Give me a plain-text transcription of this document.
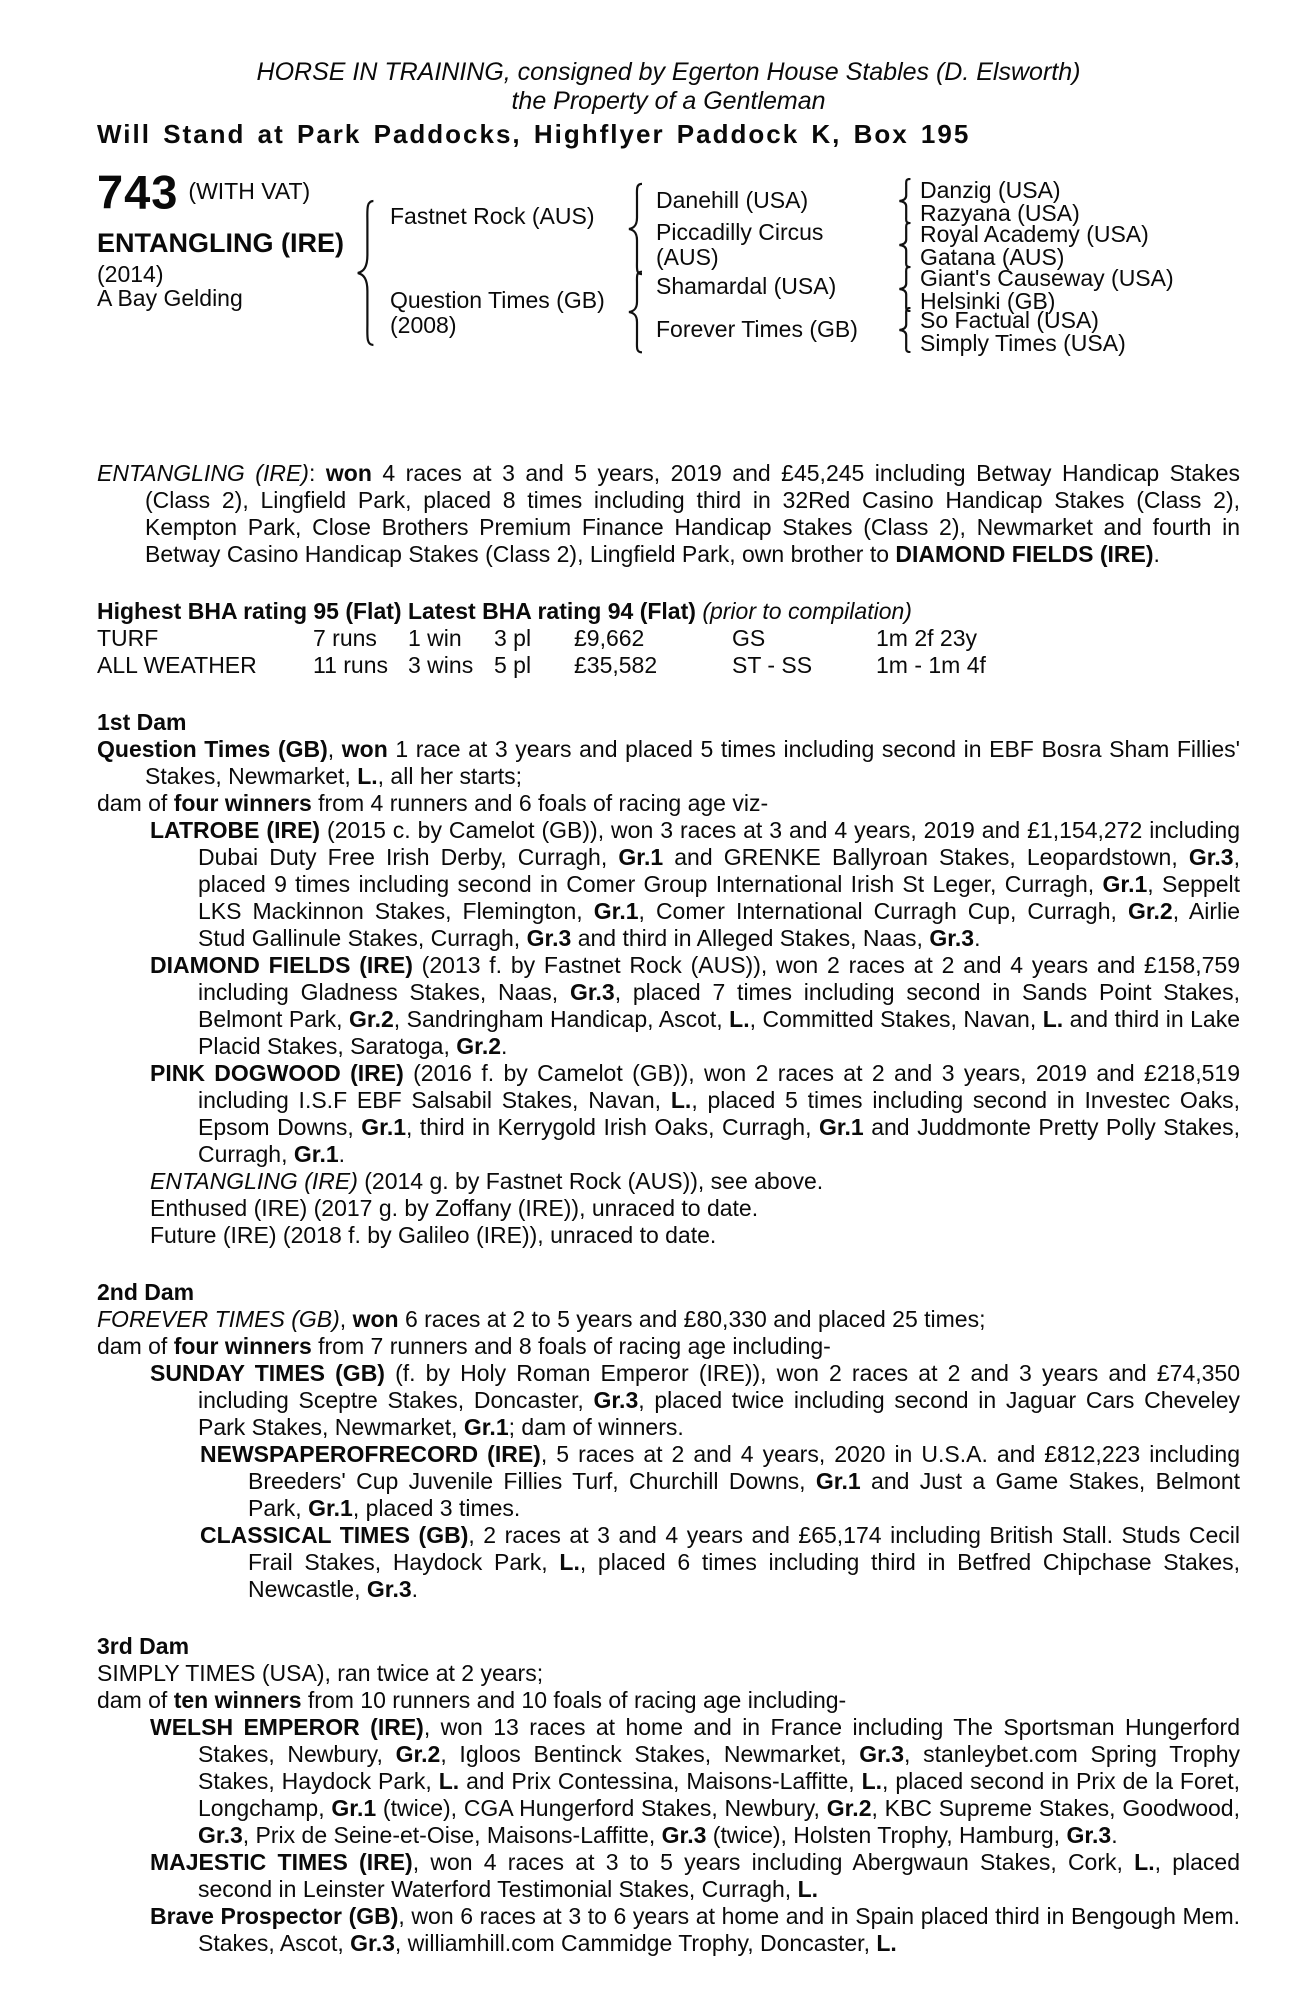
HORSE IN TRAINING, consigned by Egerton House Stables (D. Elsworth)
the Property of a Gentleman
Will Stand at Park Paddocks, Highflyer Paddock K, Box 195
743 (WITH VAT)
ENTANGLING (IRE)
(2014)
A Bay Gelding
Fastnet Rock (AUS)
Question Times (GB)
(2008)
Danehill (USA)
Piccadilly Circus (AUS)
Shamardal (USA)
Forever Times (GB)
Danzig (USA)
Razyana (USA)
Royal Academy (USA)
Gatana (AUS)
Giant's Causeway (USA)
Helsinki (GB)
So Factual (USA)
Simply Times (USA)
ENTANGLING (IRE): won 4 races at 3 and 5 years, 2019 and £45,245 including Betway Handicap Stakes (Class 2), Lingfield Park, placed 8 times including third in 32Red Casino Handicap Stakes (Class 2), Kempton Park, Close Brothers Premium Finance Handicap Stakes (Class 2), Newmarket and fourth in Betway Casino Handicap Stakes (Class 2), Lingfield Park, own brother to DIAMOND FIELDS (IRE).
Highest BHA rating 95 (Flat) Latest BHA rating 94 (Flat) (prior to compilation)
TURF	7 runs	1 win	3 pl	£9,662	GS	1m 2f 23y
ALL WEATHER	11 runs 3 wins 5 pl	£35,582	ST - SS	1m - 1m 4f
1st Dam
Question Times (GB), won 1 race at 3 years and placed 5 times including second in EBF Bosra Sham Fillies' Stakes, Newmarket, L., all her starts;
dam of four winners from 4 runners and 6 foals of racing age viz-
LATROBE (IRE) (2015 c. by Camelot (GB)), won 3 races at 3 and 4 years, 2019 and £1,154,272 including Dubai Duty Free Irish Derby, Curragh, Gr.1 and GRENKE Ballyroan Stakes, Leopardstown, Gr.3, placed 9 times including second in Comer Group International Irish St Leger, Curragh, Gr.1, Seppelt LKS Mackinnon Stakes, Flemington, Gr.1, Comer International Curragh Cup, Curragh, Gr.2, Airlie Stud Gallinule Stakes, Curragh, Gr.3 and third in Alleged Stakes, Naas, Gr.3.
DIAMOND FIELDS (IRE) (2013 f. by Fastnet Rock (AUS)), won 2 races at 2 and 4 years and £158,759 including Gladness Stakes, Naas, Gr.3, placed 7 times including second in Sands Point Stakes, Belmont Park, Gr.2, Sandringham Handicap, Ascot, L., Committed Stakes, Navan, L. and third in Lake Placid Stakes, Saratoga, Gr.2.
PINK DOGWOOD (IRE) (2016 f. by Camelot (GB)), won 2 races at 2 and 3 years, 2019 and £218,519 including I.S.F EBF Salsabil Stakes, Navan, L., placed 5 times including second in Investec Oaks, Epsom Downs, Gr.1, third in Kerrygold Irish Oaks, Curragh, Gr.1 and Juddmonte Pretty Polly Stakes, Curragh, Gr.1.
ENTANGLING (IRE) (2014 g. by Fastnet Rock (AUS)), see above.
Enthused (IRE) (2017 g. by Zoffany (IRE)), unraced to date.
Future (IRE) (2018 f. by Galileo (IRE)), unraced to date.
2nd Dam
FOREVER TIMES (GB), won 6 races at 2 to 5 years and £80,330 and placed 25 times;
dam of four winners from 7 runners and 8 foals of racing age including-
SUNDAY TIMES (GB) (f. by Holy Roman Emperor (IRE)), won 2 races at 2 and 3 years and £74,350 including Sceptre Stakes, Doncaster, Gr.3, placed twice including second in Jaguar Cars Cheveley Park Stakes, Newmarket, Gr.1; dam of winners.
NEWSPAPEROFRECORD (IRE), 5 races at 2 and 4 years, 2020 in U.S.A. and £812,223 including Breeders' Cup Juvenile Fillies Turf, Churchill Downs, Gr.1 and Just a Game Stakes, Belmont Park, Gr.1, placed 3 times.
CLASSICAL TIMES (GB), 2 races at 3 and 4 years and £65,174 including British Stall. Studs Cecil Frail Stakes, Haydock Park, L., placed 6 times including third in Betfred Chipchase Stakes, Newcastle, Gr.3.
3rd Dam
SIMPLY TIMES (USA), ran twice at 2 years;
dam of ten winners from 10 runners and 10 foals of racing age including-
WELSH EMPEROR (IRE), won 13 races at home and in France including The Sportsman Hungerford Stakes, Newbury, Gr.2, Igloos Bentinck Stakes, Newmarket, Gr.3, stanleybet.com Spring Trophy Stakes, Haydock Park, L. and Prix Contessina, Maisons-Laffitte, L., placed second in Prix de la Foret, Longchamp, Gr.1 (twice), CGA Hungerford Stakes, Newbury, Gr.2, KBC Supreme Stakes, Goodwood, Gr.3, Prix de Seine-et-Oise, Maisons-Laffitte, Gr.3 (twice), Holsten Trophy, Hamburg, Gr.3.
MAJESTIC TIMES (IRE), won 4 races at 3 to 5 years including Abergwaun Stakes, Cork, L., placed second in Leinster Waterford Testimonial Stakes, Curragh, L.
Brave Prospector (GB), won 6 races at 3 to 6 years at home and in Spain placed third in Bengough Mem. Stakes, Ascot, Gr.3, williamhill.com Cammidge Trophy, Doncaster, L.
